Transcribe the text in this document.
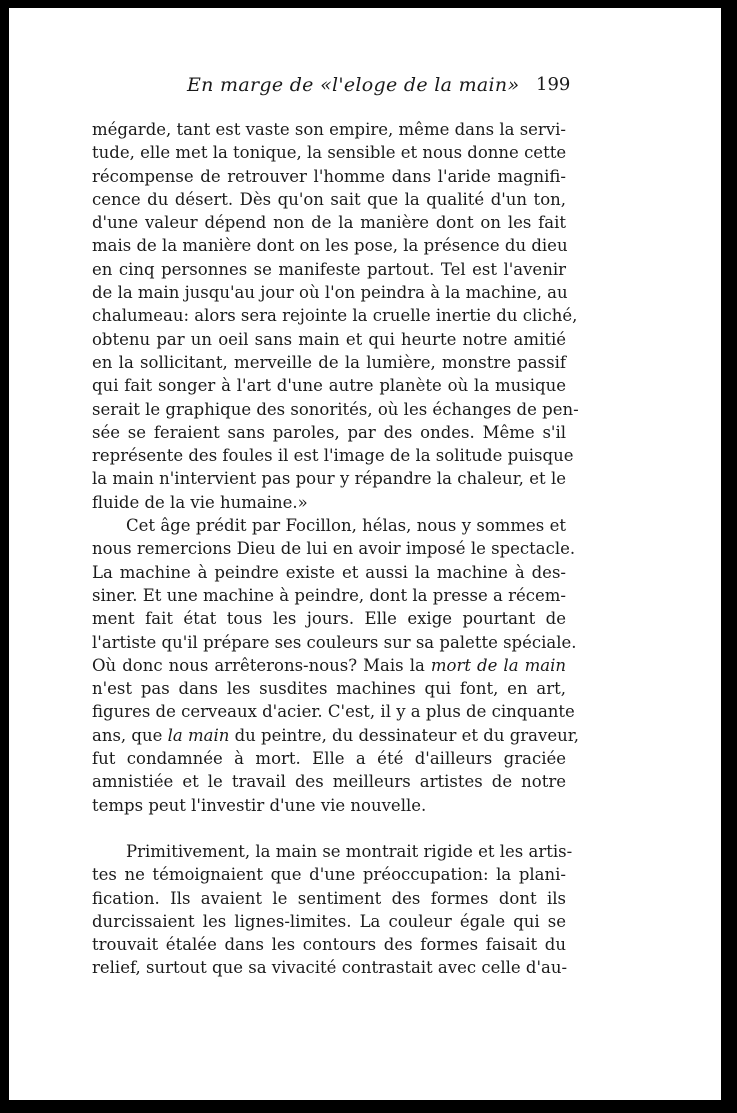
En marge de «l'eloge de la main» 199
mégarde, tant est vaste son empire, même dans la servi-
tude, elle met la tonique, la sensible et nous donne cette
récompense de retrouver l'homme dans l'aride magnifi-
cence du désert. Dès qu'on sait que la qualité d'un ton,
d'une valeur dépend non de la manière dont on les fait
mais de la manière dont on les pose, la présence du dieu
en cinq personnes se manifeste partout. Tel est l'avenir
de la main jusqu'au jour où l'on peindra à la machine, au
chalumeau: alors sera rejointe la cruelle inertie du cliché,
obtenu par un oeil sans main et qui heurte notre amitié
en la sollicitant, merveille de la lumière, monstre passif
qui fait songer à l'art d'une autre planète où la musique
serait le graphique des sonorités, où les échanges de pen-
sée se feraient sans paroles, par des ondes. Même s'il
représente des foules il est l'image de la solitude puisque
la main n'intervient pas pour y répandre la chaleur, et le
fluide de la vie humaine.»
Cet âge prédit par Focillon, hélas, nous y sommes et
nous remercions Dieu de lui en avoir imposé le spectacle.
La machine à peindre existe et aussi la machine à des-
siner. Et une machine à peindre, dont la presse a récem-
ment fait état tous les jours. Elle exige pourtant de
l'artiste qu'il prépare ses couleurs sur sa palette spéciale.
Où donc nous arrêterons-nous? Mais la mort de la main
n'est pas dans les susdites machines qui font, en art,
figures de cerveaux d'acier. C'est, il y a plus de cinquante
ans, que la main du peintre, du dessinateur et du graveur,
fut condamnée à mort. Elle a été d'ailleurs graciée
amnistiée et le travail des meilleurs artistes de notre
temps peut l'investir d'une vie nouvelle.
Primitivement, la main se montrait rigide et les artis-
tes ne témoignaient que d'une préoccupation: la plani-
fication. Ils avaient le sentiment des formes dont ils
durcissaient les lignes-limites. La couleur égale qui se
trouvait étalée dans les contours des formes faisait du
relief, surtout que sa vivacité contrastait avec celle d'au-
